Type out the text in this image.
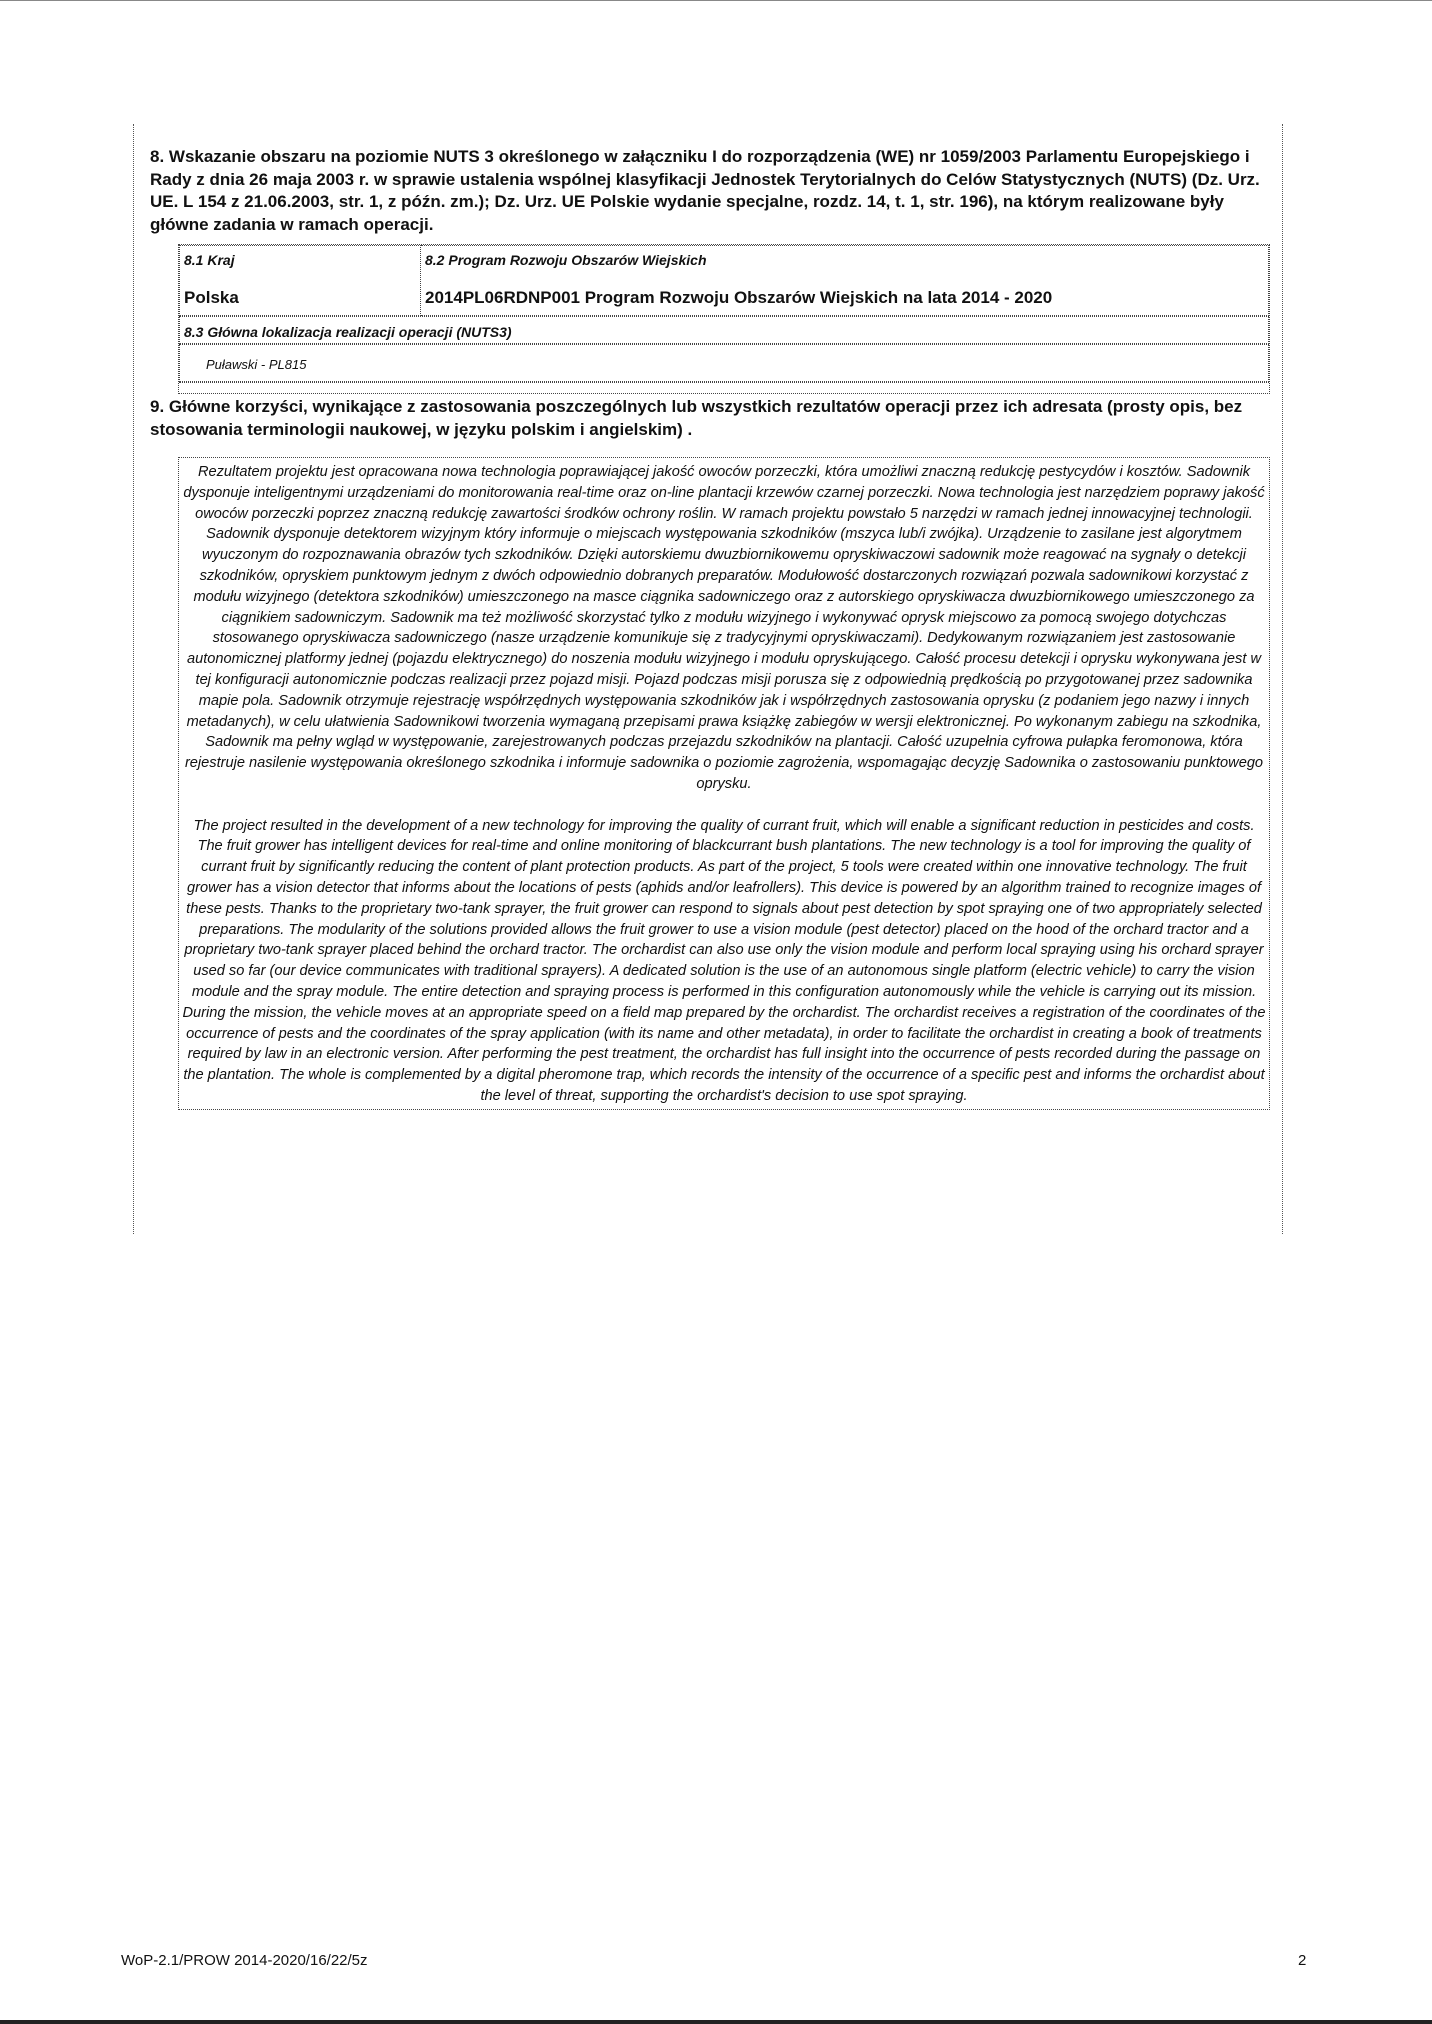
8. Wskazanie obszaru na poziomie NUTS 3 określonego w załączniku I do rozporządzenia (WE) nr 1059/2003 Parlamentu Europejskiego i Rady z dnia 26 maja 2003 r. w sprawie ustalenia wspólnej klasyfikacji Jednostek Terytorialnych do Celów Statystycznych (NUTS) (Dz. Urz. UE. L 154 z 21.06.2003, str. 1, z późn. zm.); Dz. Urz. UE Polskie wydanie specjalne, rozdz. 14, t. 1, str. 196), na którym realizowane były główne zadania w ramach operacji.

8.1 Kraj
Polska

8.2 Program Rozwoju Obszarów Wiejskich
2014PL06RDNP001 Program Rozwoju Obszarów Wiejskich na lata 2014 - 2020
8.3 Główna lokalizacja realizacji operacji (NUTS3)
Puławski - PL815

9. Główne korzyści, wynikające z zastosowania poszczególnych lub wszystkich rezultatów operacji przez ich adresata (prosty opis, bez stosowania terminologii naukowej, w języku polskim i angielskim) .

Rezultatem projektu jest opracowana nowa technologia poprawiającej jakość owoców porzeczki, która umożliwi znaczną redukcję pestycydów i kosztów. Sadownik dysponuje inteligentnymi urządzeniami do monitorowania real-time oraz on-line plantacji krzewów czarnej porzeczki. Nowa technologia jest narzędziem poprawy jakość owoców porzeczki poprzez znaczną redukcję zawartości środków ochrony roślin. W ramach projektu powstało 5 narzędzi w ramach jednej innowacyjnej technologii. Sadownik dysponuje detektorem wizyjnym który informuje o miejscach występowania szkodników (mszyca lub/i zwójka). Urządzenie to zasilane jest algorytmem wyuczonym do rozpoznawania obrazów tych szkodników. Dzięki autorskiemu dwuzbiornikowemu opryskiwaczowi sadownik może reagować na sygnały o detekcji szkodników, opryskiem punktowym jednym z dwóch odpowiednio dobranych preparatów. Modułowość dostarczonych rozwiązań pozwala sadownikowi korzystać z modułu wizyjnego (detektora szkodników) umieszczonego na masce ciągnika sadowniczego oraz z autorskiego opryskiwacza dwuzbiornikowego umieszczonego za ciągnikiem sadowniczym. Sadownik ma też możliwość skorzystać tylko z modułu wizyjnego i wykonywać oprysk miejscowo za pomocą swojego dotychczas stosowanego opryskiwacza sadowniczego (nasze urządzenie komunikuje się z tradycyjnymi opryskiwaczami). Dedykowanym rozwiązaniem jest zastosowanie autonomicznej platformy jednej (pojazdu elektrycznego) do noszenia modułu wizyjnego i modułu opryskującego. Całość procesu detekcji i oprysku wykonywana jest w tej konfiguracji autonomicznie podczas realizacji przez pojazd misji. Pojazd podczas misji porusza się z odpowiednią prędkością po przygotowanej przez sadownika mapie pola. Sadownik otrzymuje rejestrację współrzędnych występowania szkodników jak i współrzędnych zastosowania oprysku (z podaniem jego nazwy i innych metadanych), w celu ułatwienia Sadownikowi tworzenia wymaganą przepisami prawa książkę zabiegów w wersji elektronicznej. Po wykonanym zabiegu na szkodnika, Sadownik ma pełny wgląd w występowanie, zarejestrowanych podczas przejazdu szkodników na plantacji. Całość uzupełnia cyfrowa pułapka feromonowa, która rejestruje nasilenie występowania określonego szkodnika i informuje sadownika o poziomie zagrożenia, wspomagając decyzję Sadownika o zastosowaniu punktowego oprysku.

The project resulted in the development of a new technology for improving the quality of currant fruit, which will enable a significant reduction in pesticides and costs. The fruit grower has intelligent devices for real-time and online monitoring of blackcurrant bush plantations. The new technology is a tool for improving the quality of currant fruit by significantly reducing the content of plant protection products. As part of the project, 5 tools were created within one innovative technology. The fruit grower has a vision detector that informs about the locations of pests (aphids and/or leafrollers). This device is powered by an algorithm trained to recognize images of these pests. Thanks to the proprietary two-tank sprayer, the fruit grower can respond to signals about pest detection by spot spraying one of two appropriately selected preparations. The modularity of the solutions provided allows the fruit grower to use a vision module (pest detector) placed on the hood of the orchard tractor and a proprietary two-tank sprayer placed behind the orchard tractor. The orchardist can also use only the vision module and perform local spraying using his orchard sprayer used so far (our device communicates with traditional sprayers). A dedicated solution is the use of an autonomous single platform (electric vehicle) to carry the vision module and the spray module. The entire detection and spraying process is performed in this configuration autonomously while the vehicle is carrying out its mission. During the mission, the vehicle moves at an appropriate speed on a field map prepared by the orchardist. The orchardist receives a registration of the coordinates of the occurrence of pests and the coordinates of the spray application (with its name and other metadata), in order to facilitate the orchardist in creating a book of treatments required by law in an electronic version. After performing the pest treatment, the orchardist has full insight into the occurrence of pests recorded during the passage on the plantation. The whole is complemented by a digital pheromone trap, which records the intensity of the occurrence of a specific pest and informs the orchardist about the level of threat, supporting the orchardist's decision to use spot spraying.

WoP-2.1/PROW 2014-2020/16/22/5z	2
